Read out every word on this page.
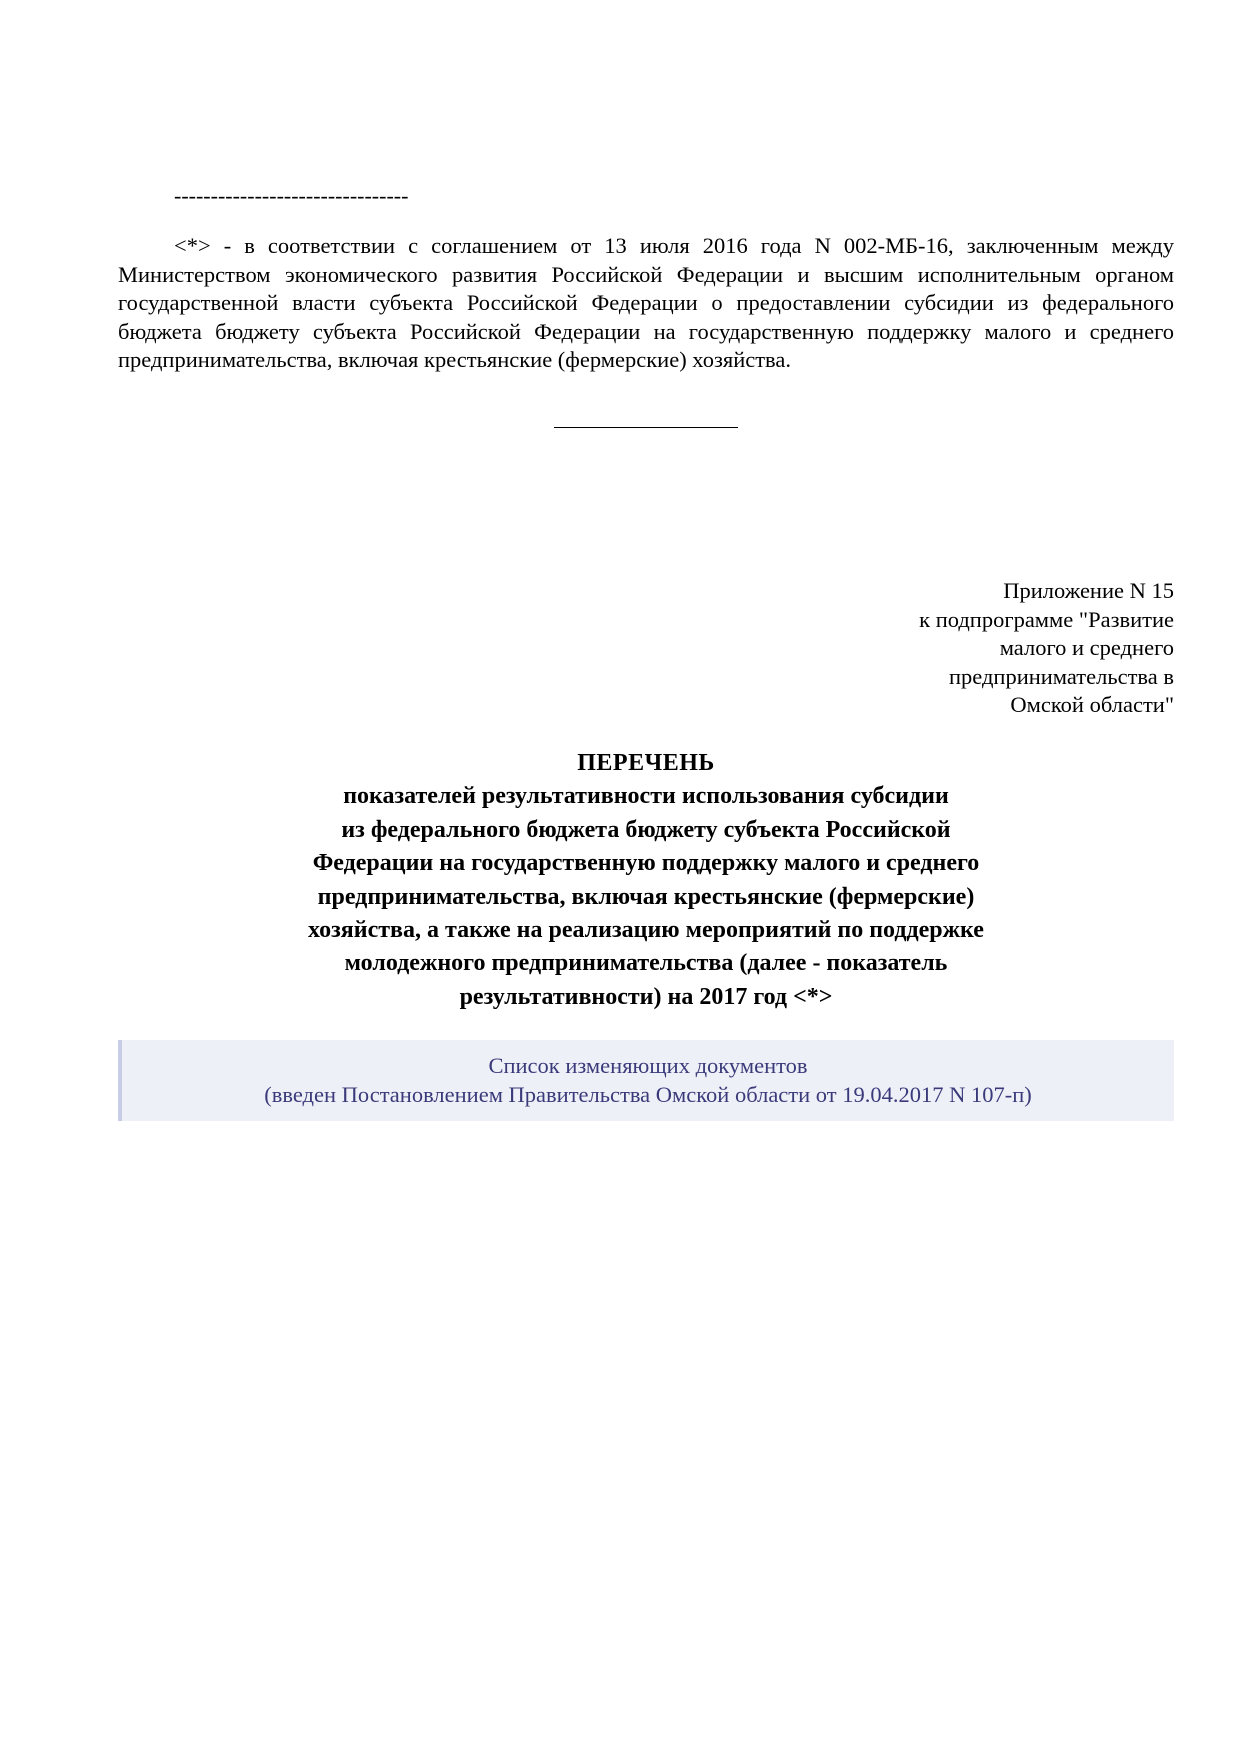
--------------------------------

<*> - в соответствии с соглашением от 13 июля 2016 года N 002-МБ-16, заключенным между Министерством экономического развития Российской Федерации и высшим исполнительным органом государственной власти субъекта Российской Федерации о предоставлении субсидии из федерального бюджета бюджету субъекта Российской Федерации на государственную поддержку малого и среднего предпринимательства, включая крестьянские (фермерские) хозяйства.

Приложение N 15
к подпрограмме "Развитие
малого и среднего
предпринимательства в
Омской области"
ПЕРЕЧЕНЬ
показателей результативности использования субсидии
из федерального бюджета бюджету субъекта Российской
Федерации на государственную поддержку малого и среднего
предпринимательства, включая крестьянские (фермерские)
хозяйства, а также на реализацию мероприятий по поддержке
молодежного предпринимательства (далее - показатель
результативности) на 2017 год <*>
Список изменяющих документов
(введен Постановлением Правительства Омской области от 19.04.2017 N 107-п)
